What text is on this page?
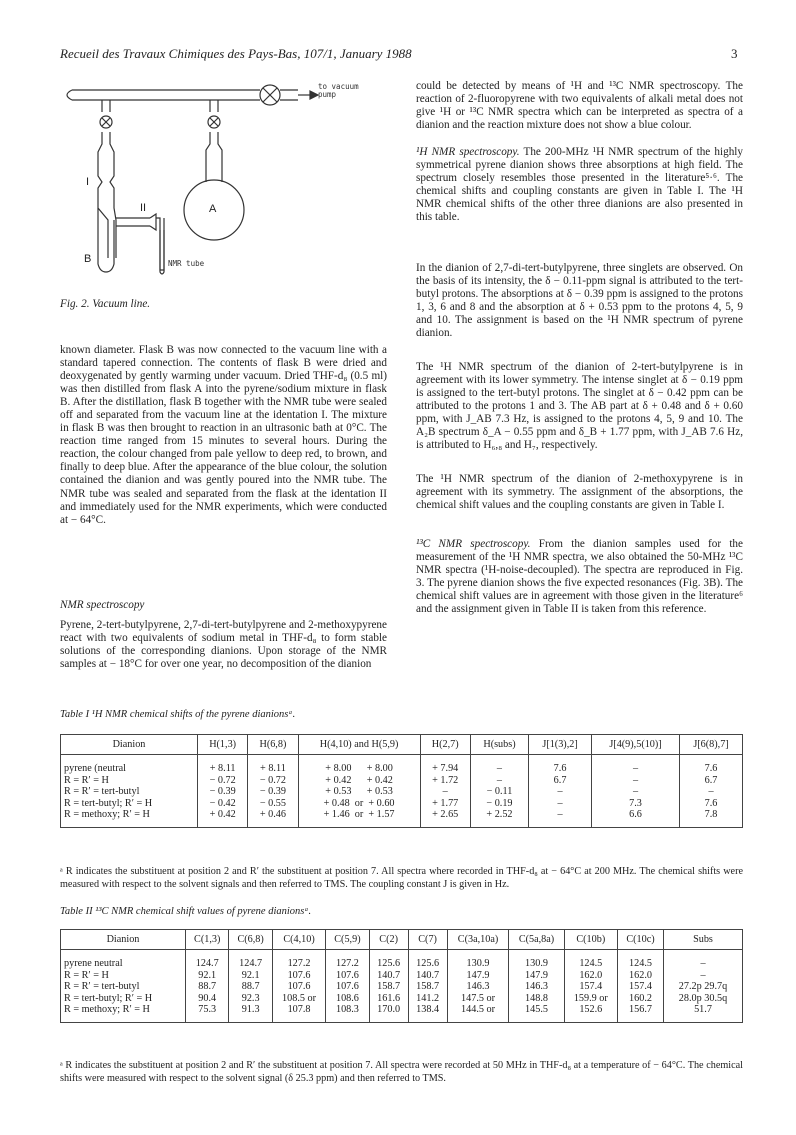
Recueil des Travaux Chimiques des Pays-Bas, 107/1, January 1988	3
to vacuum
pump
I
II	A
B	NMR tube
Fig. 2. Vacuum line.

known diameter. Flask B was now connected to the vacuum line with a standard tapered connection. The contents of flask B were dried and deoxygenated by gently warming under vacuum. Dried THF-d₈ (0.5 ml) was then distilled from flask A into the pyrene/sodium mixture in flask B. After the distillation, flask B together with the NMR tube were sealed off and separated from the vacuum line at the identation I. The mixture in flask B was then brought to reaction in an ultrasonic bath at 0°C. The reaction time ranged from 15 minutes to several hours. During the reaction, the colour changed from pale yellow to deep red, to brown, and finally to deep blue. After the appearance of the blue colour, the solution contained the dianion and was gently poured into the NMR tube. The NMR tube was sealed and separated from the flask at the identation II and immediately used for the NMR experiments, which were conducted at − 64°C.

NMR spectroscopy

Pyrene, 2-tert-butylpyrene, 2,7-di-tert-butylpyrene and 2-methoxypyrene react with two equivalents of sodium metal in THF-d₈ to form stable solutions of the corresponding dianions. Upon storage of the NMR samples at − 18°C for over one year, no decomposition of the dianion

could be detected by means of ¹H and ¹³C NMR spectroscopy. The reaction of 2-fluoropyrene with two equivalents of alkali metal does not give ¹H or ¹³C NMR spectra which can be interpreted as spectra of a dianion and the reaction mixture does not show a blue colour.

¹H NMR spectroscopy. The 200-MHz ¹H NMR spectrum of the highly symmetrical pyrene dianion shows three absorptions at high field. The spectrum closely resembles those presented in the literature⁵·⁶. The chemical shifts and coupling constants are given in Table I. The ¹H NMR chemical shifts of the other three dianions are also presented in this table.

In the dianion of 2,7-di-tert-butylpyrene, three singlets are observed. On the basis of its intensity, the δ − 0.11-ppm signal is attributed to the tert-butyl protons. The absorptions at δ − 0.39 ppm is assigned to the protons 1, 3, 6 and 8 and the absorption at δ + 0.53 ppm to the protons 4, 5, 9 and 10. The assignment is based on the ¹H NMR spectrum of pyrene dianion.

The ¹H NMR spectrum of the dianion of 2-tert-butylpyrene is in agreement with its lower symmetry. The intense singlet at δ − 0.19 ppm is assigned to the tert-butyl protons. The singlet at δ − 0.42 ppm can be attributed to the protons 1 and 3. The AB part at δ + 0.48 and δ + 0.60 ppm, with J_AB 7.3 Hz, is assigned to the protons 4, 5, 9 and 10. The A₂B spectrum δ_A − 0.55 ppm and δ_B + 1.77 ppm, with J_AB 7.6 Hz, is attributed to H₆,₈ and H₇, respectively.

The ¹H NMR spectrum of the dianion of 2-methoxypyrene is in agreement with its symmetry. The assignment of the absorptions, the chemical shift values and the coupling constants are given in Table I.

¹³C NMR spectroscopy. From the dianion samples used for the measurement of the ¹H NMR spectra, we also obtained the 50-MHz ¹³C NMR spectra (¹H-noise-decoupled). The spectra are reproduced in Fig. 3. The pyrene dianion shows the five expected resonances (Fig. 3B). The chemical shift values are in agreement with those given in the literature⁶ and the assignment given in Table II is taken from this reference.

Table I ¹H NMR chemical shifts of the pyrene dianionsᵃ.
Dianion	H(1,3)	H(6,8)	H(4,10) and H(5,9)	H(2,7)	H(subs)	J[1(3),2]	J[4(9),5(10)]	J[6(8),7]

pyrene (neutral	+ 8.11	+ 8.11	+ 8.00      + 8.00	+ 7.94	–	7.6	–	7.6
R = R′ = H	− 0.72	− 0.72	+ 0.42      + 0.42	+ 1.72	–	6.7	–	6.7
R = R′ = tert-butyl	− 0.39	− 0.39	+ 0.53      + 0.53	–	− 0.11	–	–	–
R = tert-butyl; R′ = H	− 0.42	− 0.55	+ 0.48  or  + 0.60	+ 1.77	− 0.19	–	7.3	7.6
R = methoxy; R′ = H	+ 0.42	+ 0.46	+ 1.46  or  + 1.57	+ 2.65	+ 2.52	–	6.6	7.8
ᵃ R indicates the substituent at position 2 and R′ the substituent at position 7. All spectra where recorded in THF-d₈ at − 64°C at 200 MHz. The chemical shifts were measured with respect to the solvent signals and then referred to TMS. The coupling constant J is given in Hz.
Table II ¹³C NMR chemical shift values of pyrene dianionsᵃ.
Dianion	C(1,3)	C(6,8)	C(4,10)	C(5,9)	C(2)	C(7)	C(3a,10a)	C(5a,8a)	C(10b)	C(10c)	Subs

pyrene neutral	124.7	124.7	127.2	127.2	125.6	125.6	130.9	130.9	124.5	124.5	–
R = R′ = H	92.1	92.1	107.6	107.6	140.7	140.7	147.9	147.9	162.0	162.0	–
R = R′ = tert-butyl	88.7	88.7	107.6	107.6	158.7	158.7	146.3	146.3	157.4	157.4	27.2p 29.7q
R = tert-butyl; R′ = H	90.4	92.3	108.5 or	108.6	161.6	141.2	147.5 or	148.8	159.9 or	160.2	28.0p 30.5q
R = methoxy; R′ = H	75.3	91.3	107.8	108.3	170.0	138.4	144.5 or	145.5	152.6	156.7	51.7
ᵃ R indicates the substituent at position 2 and R′ the substituent at position 7. All spectra were recorded at 50 MHz in THF-d₈ at a temperature of − 64°C. The chemical shifts were measured with respect to the solvent signal (δ 25.3 ppm) and then referred to TMS.
